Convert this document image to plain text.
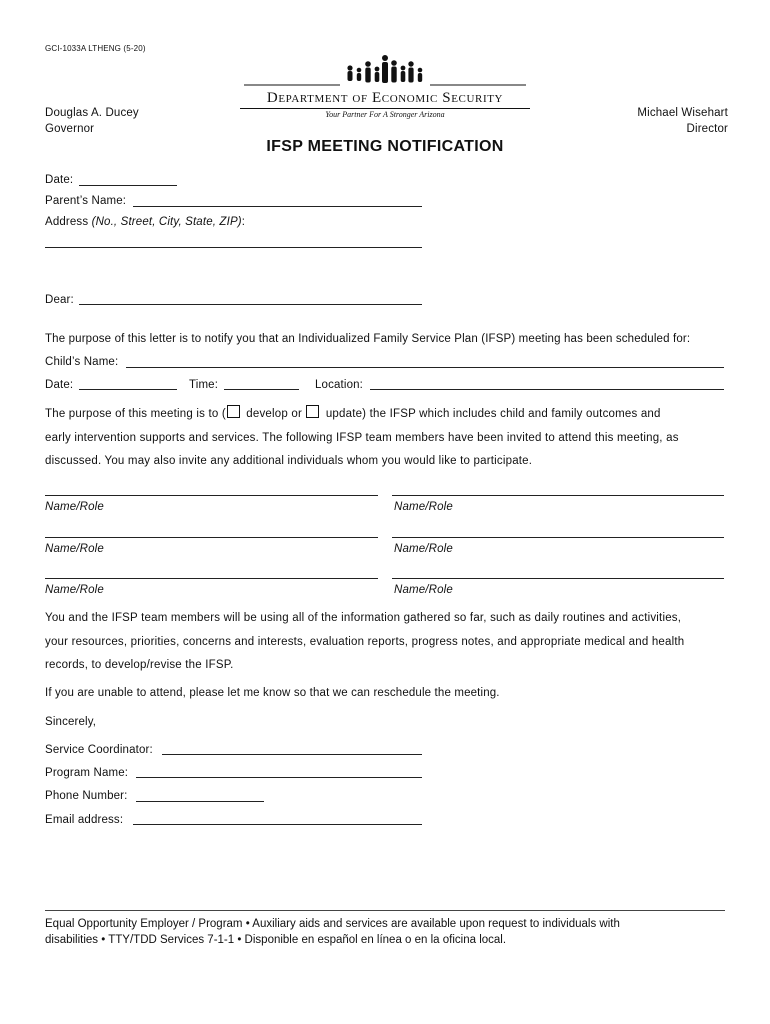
GCI-1033A LTHENG (5-20)
Department of Economic Security
Your Partner For A Stronger Arizona
Douglas A. Ducey
Governor
Michael Wisehart
Director
IFSP MEETING NOTIFICATION
Date:
Parent’s Name:
Address (No., Street, City, State, ZIP):
Dear:
The purpose of this letter is to notify you that an Individualized Family Service Plan (IFSP) meeting has been scheduled for:
Child’s Name:
Date:	Time:	Location:
The purpose of this meeting is to ( develop or update) the IFSP which includes child and family outcomes and
early intervention supports and services. The following IFSP team members have been invited to attend this meeting, as
discussed. You may also invite any additional individuals whom you would like to participate.
Name/Role	Name/Role
Name/Role	Name/Role
Name/Role	Name/Role
You and the IFSP team members will be using all of the information gathered so far, such as daily routines and activities,
your resources, priorities, concerns and interests, evaluation reports, progress notes, and appropriate medical and health
records, to develop/revise the IFSP.
If you are unable to attend, please let me know so that we can reschedule the meeting.
Sincerely,
Service Coordinator:
Program Name:
Phone Number:
Email address:
Equal Opportunity Employer / Program • Auxiliary aids and services are available upon request to individuals with
disabilities • TTY/TDD Services 7-1-1 • Disponible en español en línea o en la oficina local.
